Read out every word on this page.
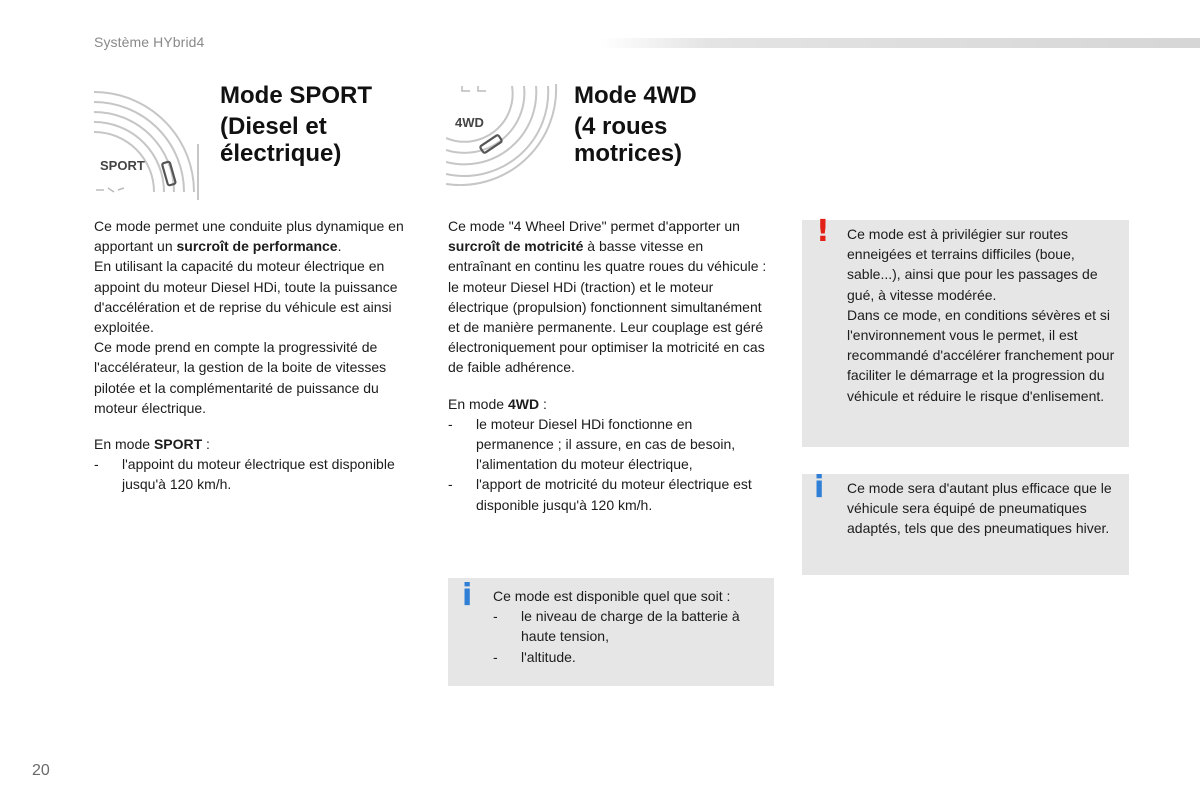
Système HYbrid4
SPORT
4WD
Mode SPORT
(Diesel et
électrique)
Mode 4WD
(4 roues
motrices)

Ce mode permet une conduite plus dynamique en apportant un surcroît de performance.

En utilisant la capacité du moteur électrique en appoint du moteur Diesel HDi, toute la puissance d'accélération et de reprise du véhicule est ainsi exploitée.

Ce mode prend en compte la progressivité de l'accélérateur, la gestion de la boite de vitesses pilotée et la complémentarité de puissance du moteur électrique.

En mode SPORT :

-	l'appoint du moteur électrique est disponible jusqu'à 120 km/h.

Ce mode "4 Wheel Drive" permet d'apporter un surcroît de motricité à basse vitesse en entraînant en continu les quatre roues du véhicule : le moteur Diesel HDi (traction) et le moteur électrique (propulsion) fonctionnent simultanément et de manière permanente. Leur couplage est géré électroniquement pour optimiser la motricité en cas de faible adhérence.

En mode 4WD :

-	le moteur Diesel HDi fonctionne en permanence ; il assure, en cas de besoin, l'alimentation du moteur électrique,
-	l'apport de motricité du moteur électrique est disponible jusqu'à 120 km/h.
i Ce mode est disponible quel que soit :

-	le niveau de charge de la batterie à haute tension,
-	l'altitude.
! Ce mode est à privilégier sur routes enneigées et terrains difficiles (boue, sable...), ainsi que pour les passages de gué, à vitesse modérée.

Dans ce mode, en conditions sévères et si l'environnement vous le permet, il est recommandé d'accélérer franchement pour faciliter le démarrage et la progression du véhicule et réduire le risque d'enlisement.

i Ce mode sera d'autant plus efficace que le véhicule sera équipé de pneumatiques adaptés, tels que des pneumatiques hiver.

20
